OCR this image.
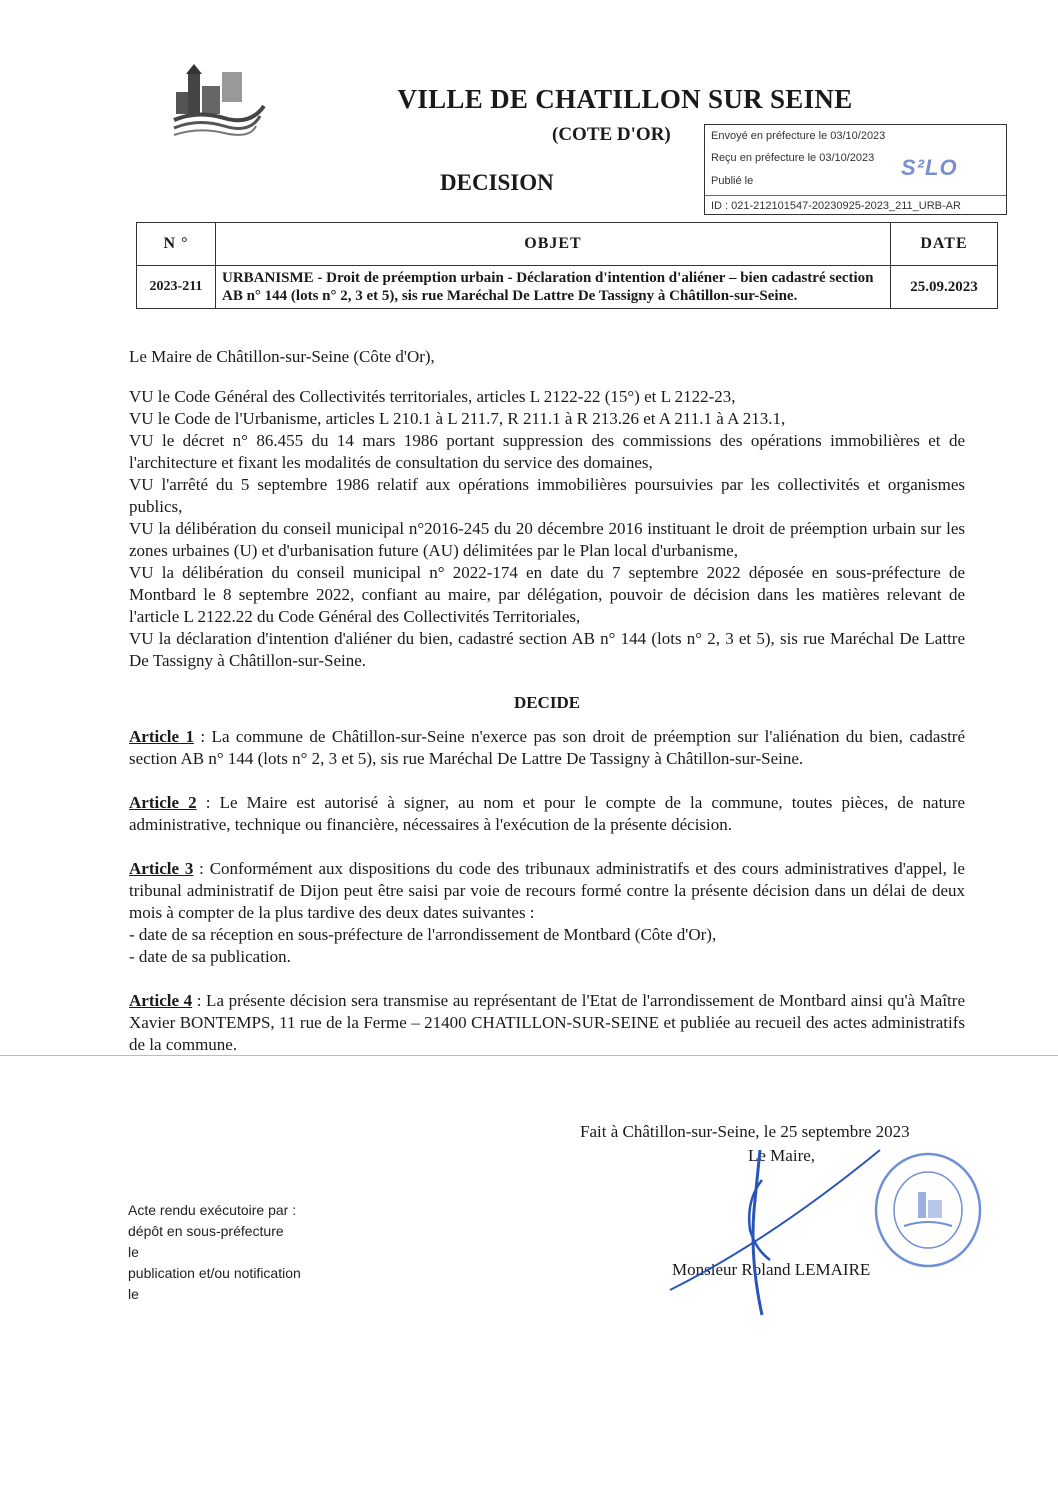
VILLE DE CHATILLON SUR SEINE
(COTE D'OR)
DECISION
Envoyé en préfecture le 03/10/2023
Reçu en préfecture le 03/10/2023
Publié le
S²LO
ID : 021-212101547-20230925-2023_211_URB-AR
N °	OBJET	DATE
2023-211	URBANISME - Droit de préemption urbain - Déclaration d'intention d'aliéner – bien cadastré section AB n° 144 (lots n° 2, 3 et 5), sis rue Maréchal De Lattre De Tassigny à Châtillon-sur-Seine.	25.09.2023

Le Maire de Châtillon-sur-Seine (Côte d'Or),

VU le Code Général des Collectivités territoriales, articles L 2122-22 (15°) et L 2122-23,

VU le Code de l'Urbanisme, articles L 210.1 à L 211.7, R 211.1 à R 213.26 et A 211.1 à A 213.1,

VU le décret n° 86.455 du 14 mars 1986 portant suppression des commissions des opérations immobilières et de l'architecture et fixant les modalités de consultation du service des domaines,

VU l'arrêté du 5 septembre 1986 relatif aux opérations immobilières poursuivies par les collectivités et organismes publics,

VU la délibération du conseil municipal n°2016-245 du 20 décembre 2016 instituant le droit de préemption urbain sur les zones urbaines (U) et d'urbanisation future (AU) délimitées par le Plan local d'urbanisme,

VU la délibération du conseil municipal n° 2022-174 en date du 7 septembre 2022 déposée en sous-préfecture de Montbard le 8 septembre 2022, confiant au maire, par délégation, pouvoir de décision dans les matières relevant de l'article L 2122.22 du Code Général des Collectivités Territoriales,

VU la déclaration d'intention d'aliéner du bien, cadastré section AB n° 144 (lots n° 2, 3 et 5), sis rue Maréchal De Lattre De Tassigny à Châtillon-sur-Seine.

DECIDE

Article 1 : La commune de Châtillon-sur-Seine n'exerce pas son droit de préemption sur l'aliénation du bien, cadastré section AB n° 144 (lots n° 2, 3 et 5), sis rue Maréchal De Lattre De Tassigny à Châtillon-sur-Seine.

Article 2 : Le Maire est autorisé à signer, au nom et pour le compte de la commune, toutes pièces, de nature administrative, technique ou financière, nécessaires à l'exécution de la présente décision.

Article 3 : Conformément aux dispositions du code des tribunaux administratifs et des cours administratives d'appel, le tribunal administratif de Dijon peut être saisi par voie de recours formé contre la présente décision dans un délai de deux mois à compter de la plus tardive des deux dates suivantes :

- date de sa réception en sous-préfecture de l'arrondissement de Montbard (Côte d'Or),

- date de sa publication.

Article 4 : La présente décision sera transmise au représentant de l'Etat de l'arrondissement de Montbard ainsi qu'à Maître Xavier BONTEMPS, 11 rue de la Ferme – 21400 CHATILLON-SUR-SEINE et publiée au recueil des actes administratifs de la commune.

Fait à Châtillon-sur-Seine, le 25 septembre 2023
Le Maire,
Monsieur Roland LEMAIRE
Acte rendu exécutoire par :
dépôt en sous-préfecture
le
publication et/ou notification
le
